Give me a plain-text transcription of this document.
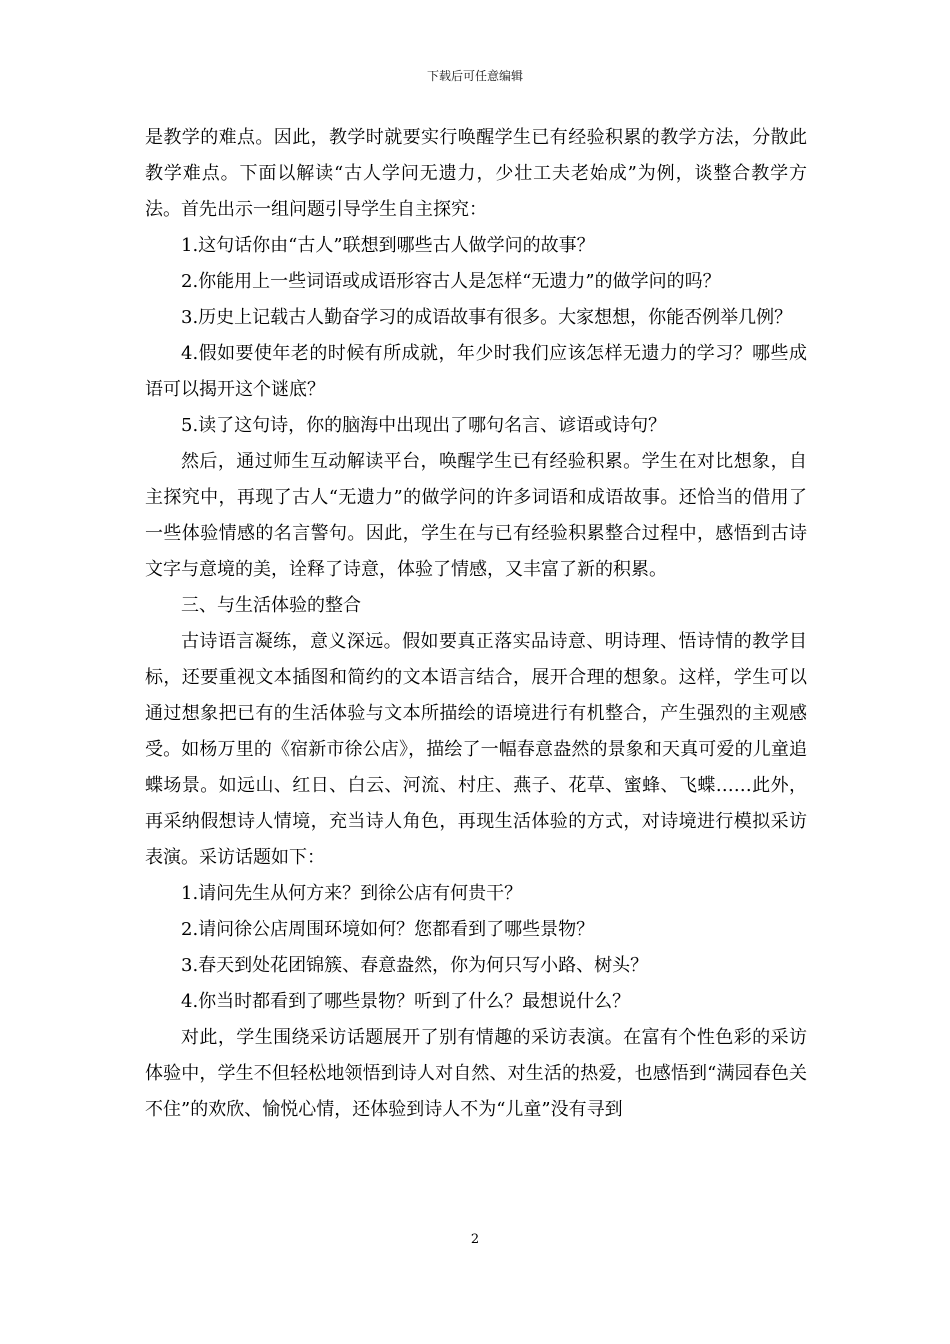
下载后可任意编辑

是教学的难点。因此，教学时就要实行唤醒学生已有经验积累的教学方法，分散此教学难点。下面以解读“古人学问无遗力，少壮工夫老始成”为例，谈整合教学方法。首先出示一组问题引导学生自主探究：

1.这句话你由“古人”联想到哪些古人做学问的故事？

2.你能用上一些词语或成语形容古人是怎样“无遗力”的做学问的吗？

3.历史上记载古人勤奋学习的成语故事有很多。大家想想，你能否例举几例？

4.假如要使年老的时候有所成就，年少时我们应该怎样无遗力的学习？哪些成语可以揭开这个谜底？

5.读了这句诗，你的脑海中出现出了哪句名言、谚语或诗句？

然后，通过师生互动解读平台，唤醒学生已有经验积累。学生在对比想象，自主探究中，再现了古人“无遗力”的做学问的许多词语和成语故事。还恰当的借用了一些体验情感的名言警句。因此，学生在与已有经验积累整合过程中，感悟到古诗文字与意境的美，诠释了诗意，体验了情感，又丰富了新的积累。

三、与生活体验的整合

古诗语言凝练，意义深远。假如要真正落实品诗意、明诗理、悟诗情的教学目标，还要重视文本插图和简约的文本语言结合，展开合理的想象。这样，学生可以通过想象把已有的生活体验与文本所描绘的语境进行有机整合，产生强烈的主观感受。如杨万里的《宿新市徐公店》，描绘了一幅春意盎然的景象和天真可爱的儿童追蝶场景。如远山、红日、白云、河流、村庄、燕子、花草、蜜蜂、飞蝶……此外，再采纳假想诗人情境，充当诗人角色，再现生活体验的方式，对诗境进行模拟采访表演。采访话题如下：

1.请问先生从何方来？到徐公店有何贵干？

2.请问徐公店周围环境如何？您都看到了哪些景物？

3.春天到处花团锦簇、春意盎然，你为何只写小路、树头？

4.你当时都看到了哪些景物？听到了什么？最想说什么？

对此，学生围绕采访话题展开了别有情趣的采访表演。在富有个性色彩的采访体验中，学生不但轻松地领悟到诗人对自然、对生活的热爱，也感悟到“满园春色关不住”的欢欣、愉悦心情，还体验到诗人不为“儿童”没有寻到

2
